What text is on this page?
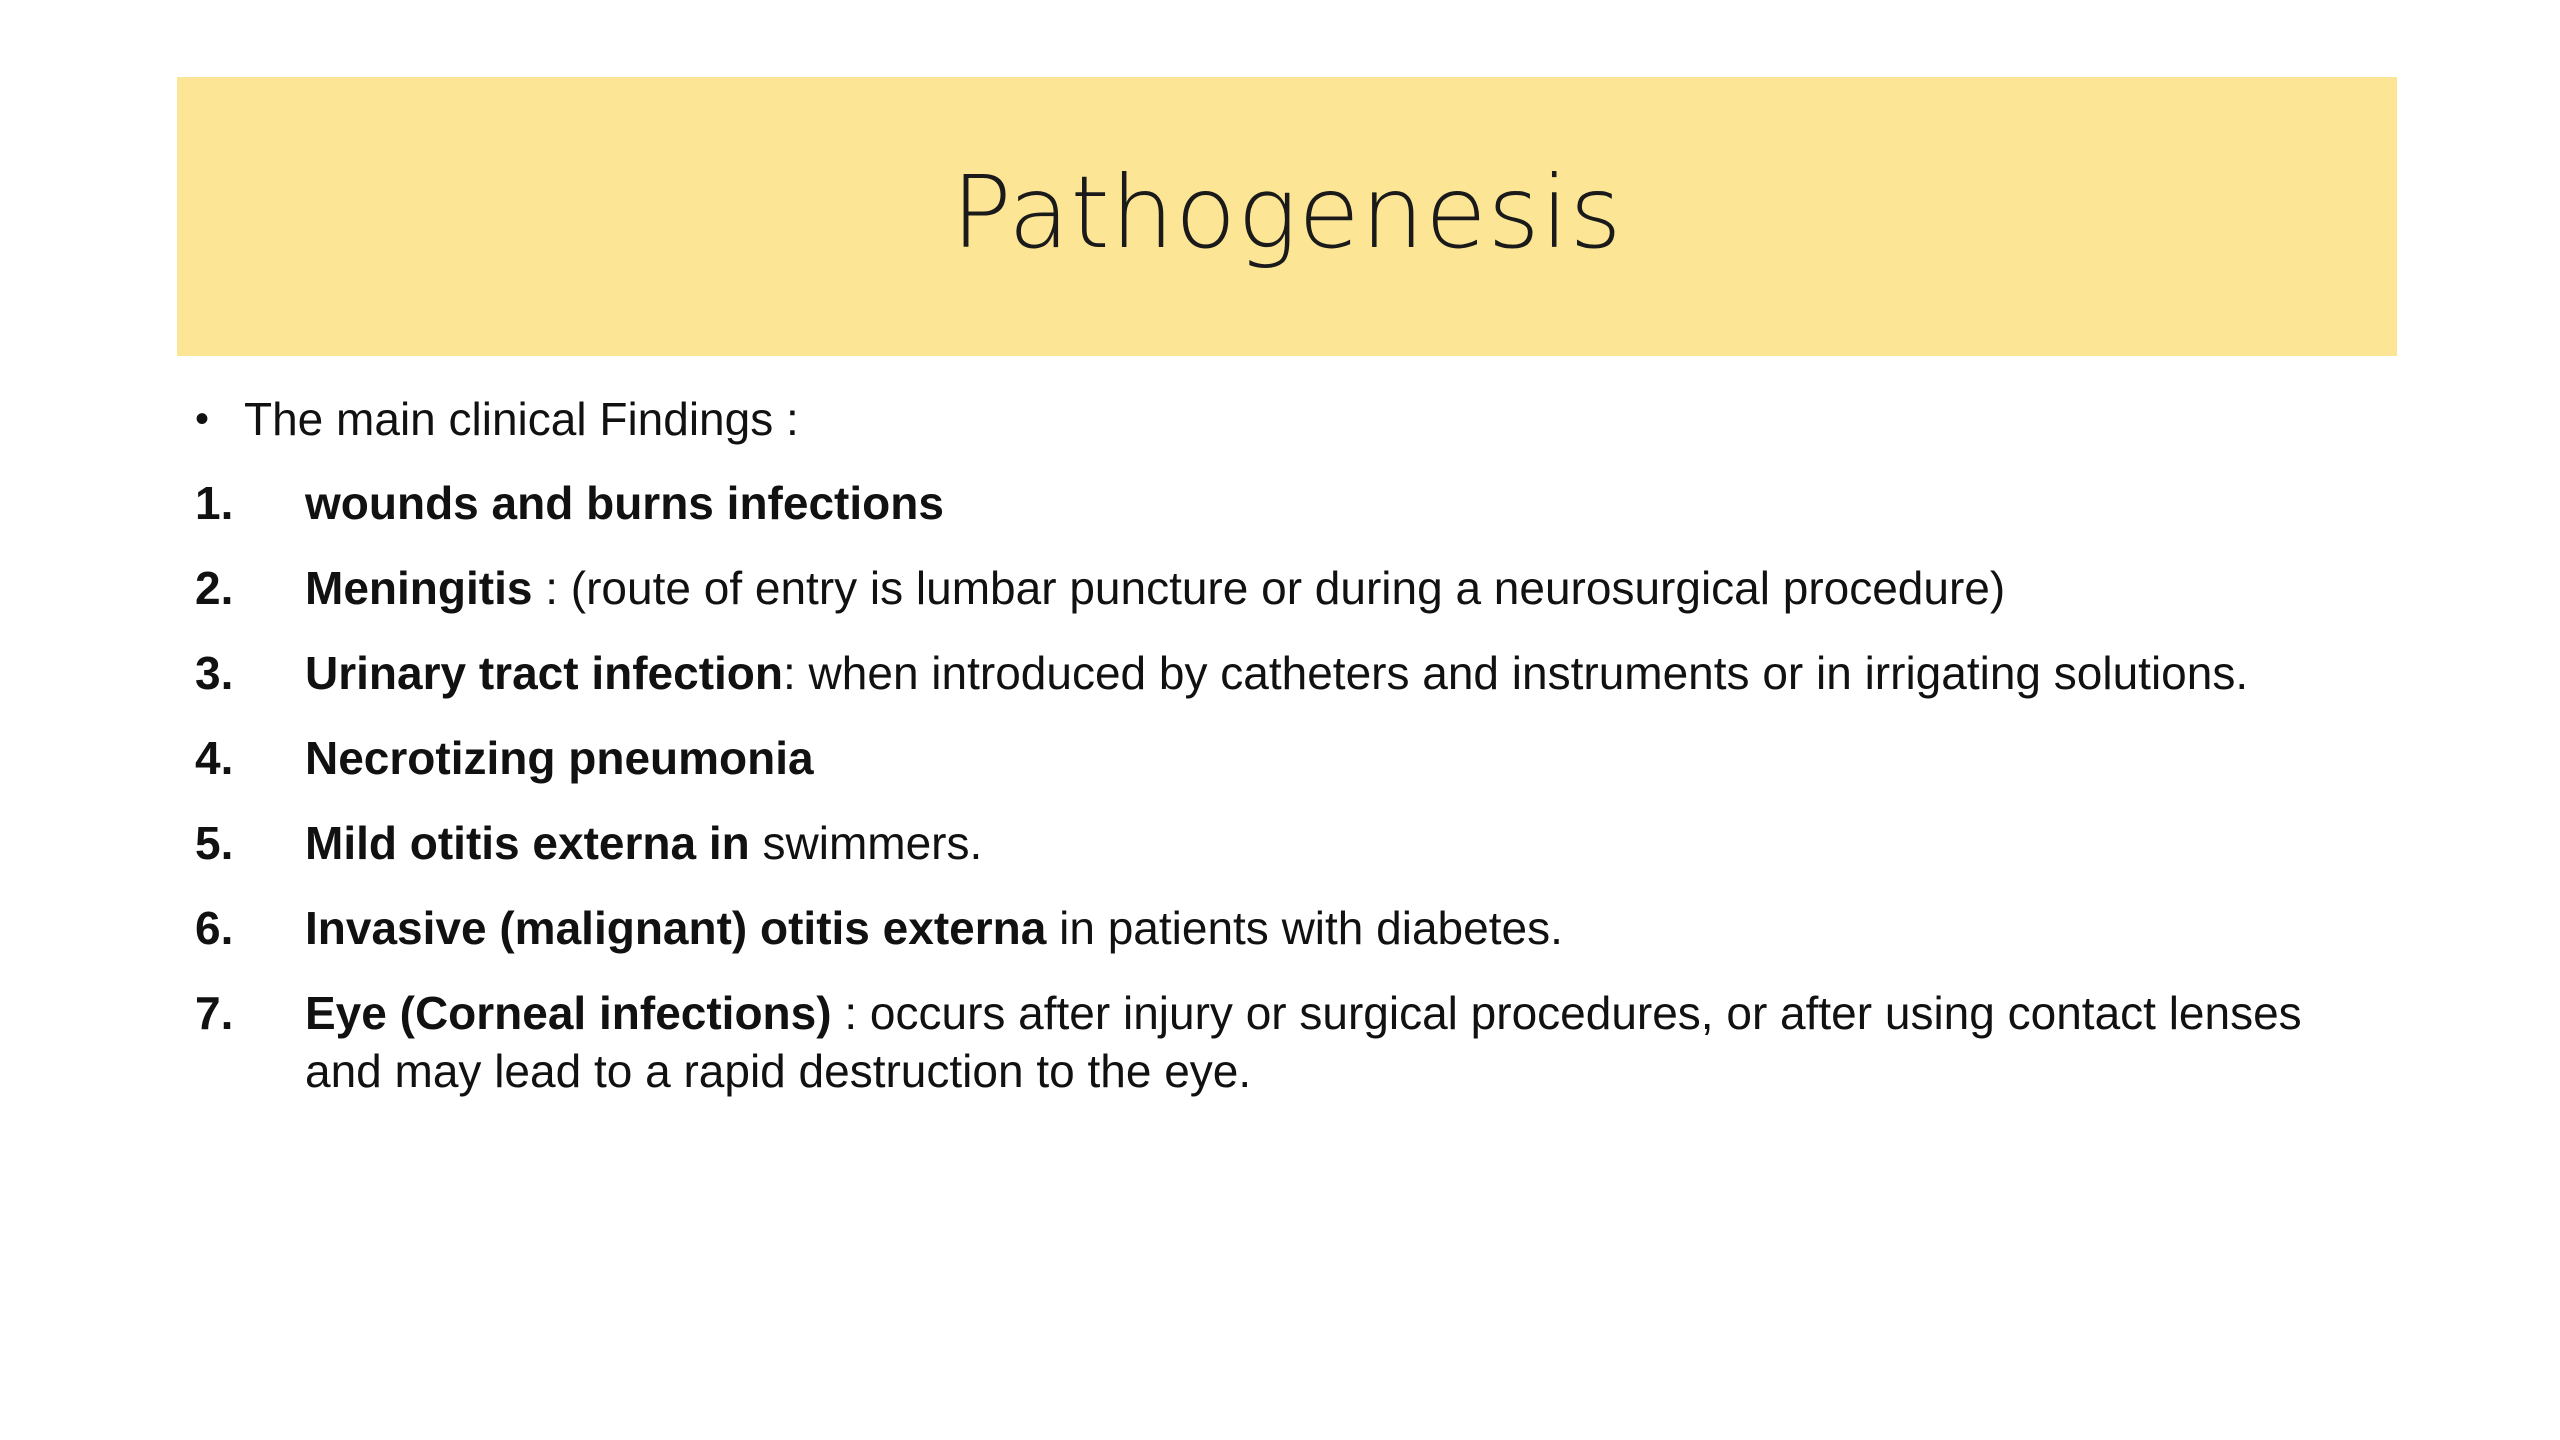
Pathogenesis
• The main clinical Findings :
1.	wounds and burns infections
2.	Meningitis : (route of entry is lumbar puncture or during a neurosurgical procedure)
3.	Urinary tract infection: when introduced by catheters and instruments or in irrigating solutions.
4.	Necrotizing pneumonia
5.	Mild otitis externa in swimmers.
6.	Invasive (malignant) otitis externa in patients with diabetes.
7.	Eye (Corneal infections) : occurs after injury or surgical procedures, or after using contact lenses and may lead to a rapid destruction to the eye.
